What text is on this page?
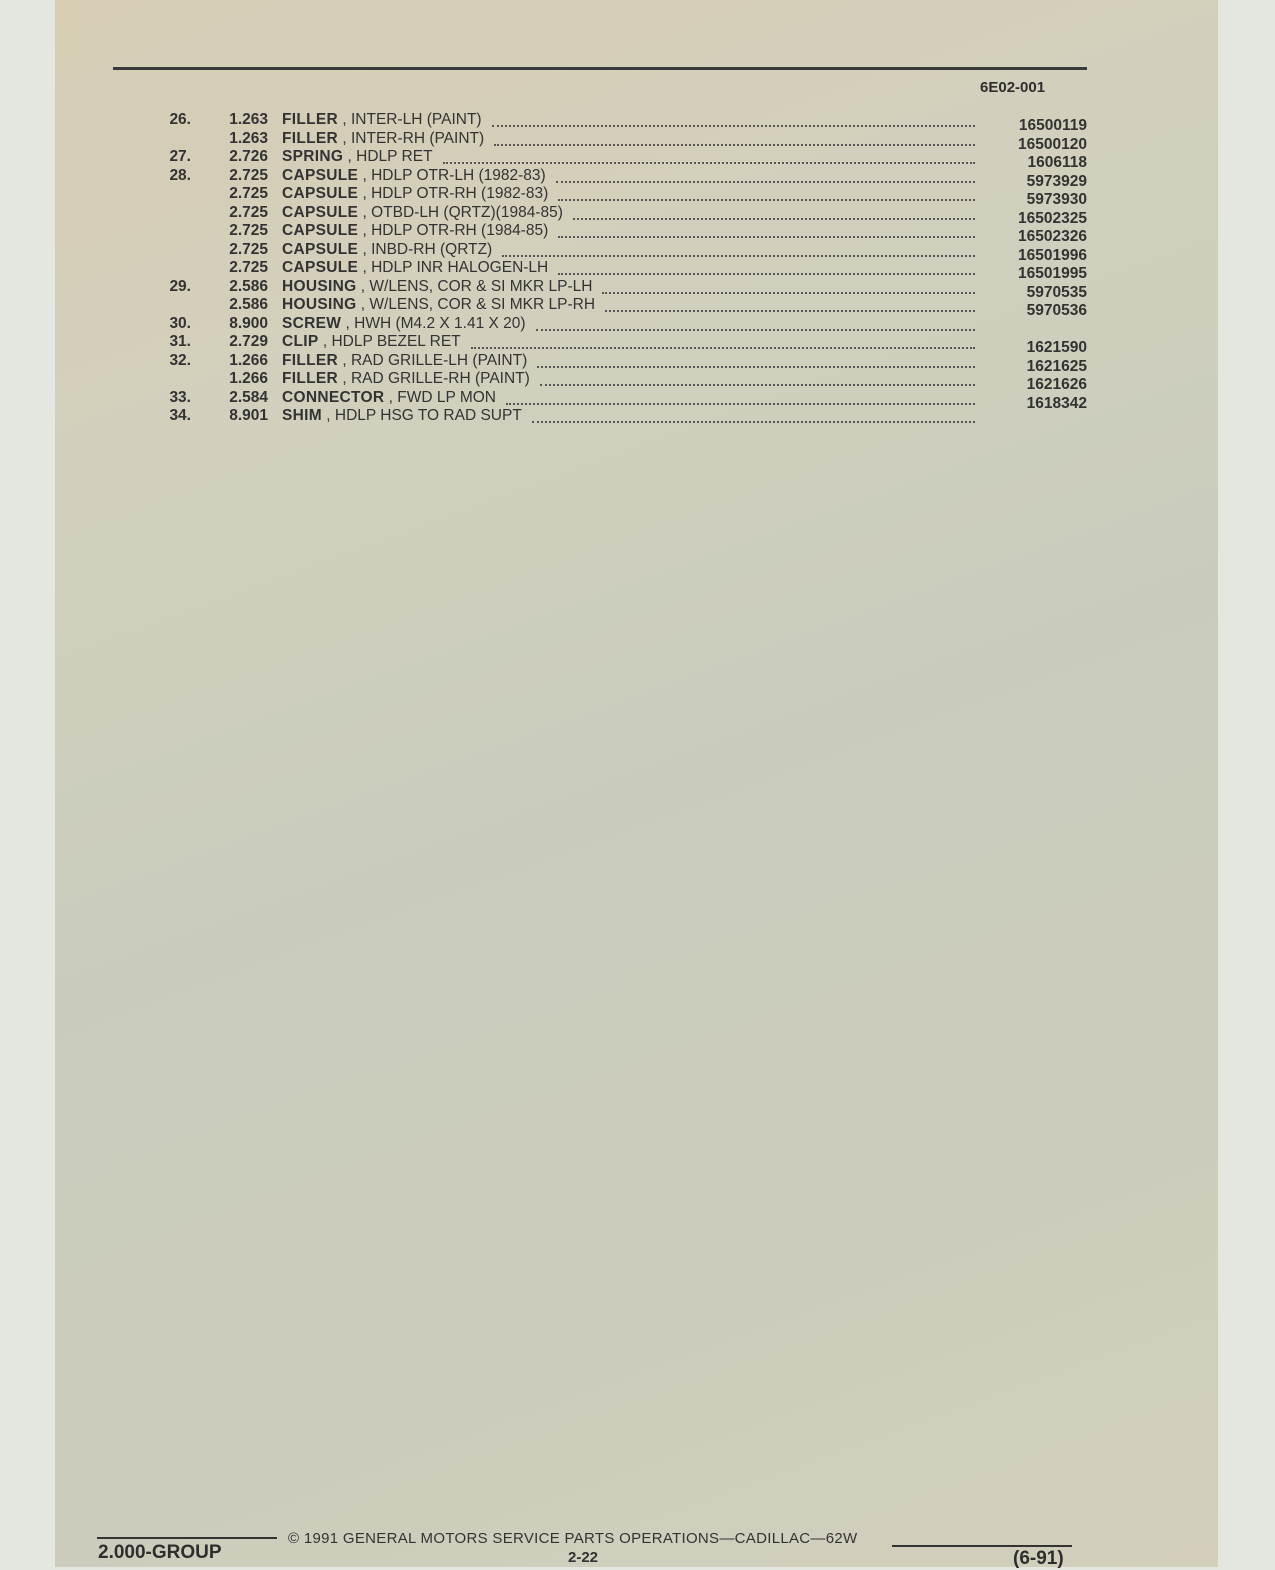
6E02-001
26.	1.263 FILLER , INTER-LH (PAINT)	16500119
1.263 FILLER , INTER-RH (PAINT)	16500120
27.	2.726 SPRING , HDLP RET	1606118
28.	2.725 CAPSULE , HDLP OTR-LH (1982-83)	5973929
2.725 CAPSULE , HDLP OTR-RH (1982-83)	5973930
2.725 CAPSULE , OTBD-LH (QRTZ)(1984-85)	16502325
2.725 CAPSULE , HDLP OTR-RH (1984-85)	16502326
2.725 CAPSULE , INBD-RH (QRTZ)	16501996
2.725 CAPSULE , HDLP INR HALOGEN-LH	16501995
29.	2.586 HOUSING , W/LENS, COR & SI MKR LP-LH	5970535
2.586 HOUSING , W/LENS, COR & SI MKR LP-RH	5970536
30.	8.900 SCREW , HWH (M4.2 X 1.41 X 20)
31.	2.729 CLIP , HDLP BEZEL RET	1621590
32.	1.266 FILLER , RAD GRILLE-LH (PAINT)	1621625
1.266 FILLER , RAD GRILLE-RH (PAINT)	1621626
33.	2.584 CONNECTOR , FWD LP MON	1618342
34.	8.901 SHIM , HDLP HSG TO RAD SUPT
© 1991 GENERAL MOTORS SERVICE PARTS OPERATIONS—CADILLAC—62W
2.000-GROUP	2-22	(6-91)
